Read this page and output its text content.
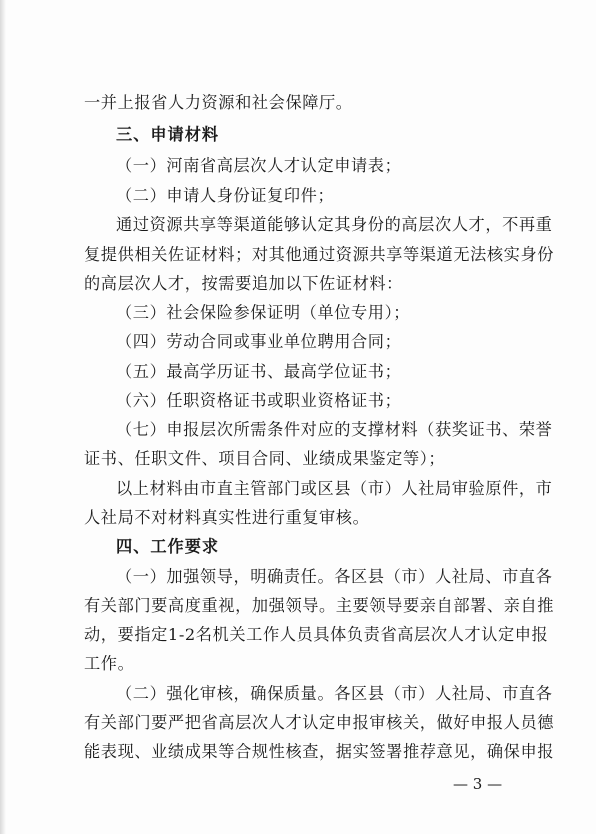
一并上报省人力资源和社会保障厅。
三、申请材料
（一）河南省高层次人才认定申请表；
（二）申请人身份证复印件；
通过资源共享等渠道能够认定其身份的高层次人才，不再重
复提供相关佐证材料；对其他通过资源共享等渠道无法核实身份
的高层次人才，按需要追加以下佐证材料：
（三）社会保险参保证明（单位专用）；
（四）劳动合同或事业单位聘用合同；
（五）最高学历证书、最高学位证书；
（六）任职资格证书或职业资格证书；
（七）申报层次所需条件对应的支撑材料（获奖证书、荣誉
证书、任职文件、项目合同、业绩成果鉴定等）；
以上材料由市直主管部门或区县（市）人社局审验原件，市
人社局不对材料真实性进行重复审核。
四、工作要求
（一）加强领导，明确责任。各区县（市）人社局、市直各
有关部门要高度重视，加强领导。主要领导要亲自部署、亲自推
动，要指定1-2名机关工作人员具体负责省高层次人才认定申报
工作。
（二）强化审核，确保质量。各区县（市）人社局、市直各
有关部门要严把省高层次人才认定申报审核关，做好申报人员德
能表现、业绩成果等合规性核查，据实签署推荐意见，确保申报
— 3 —
